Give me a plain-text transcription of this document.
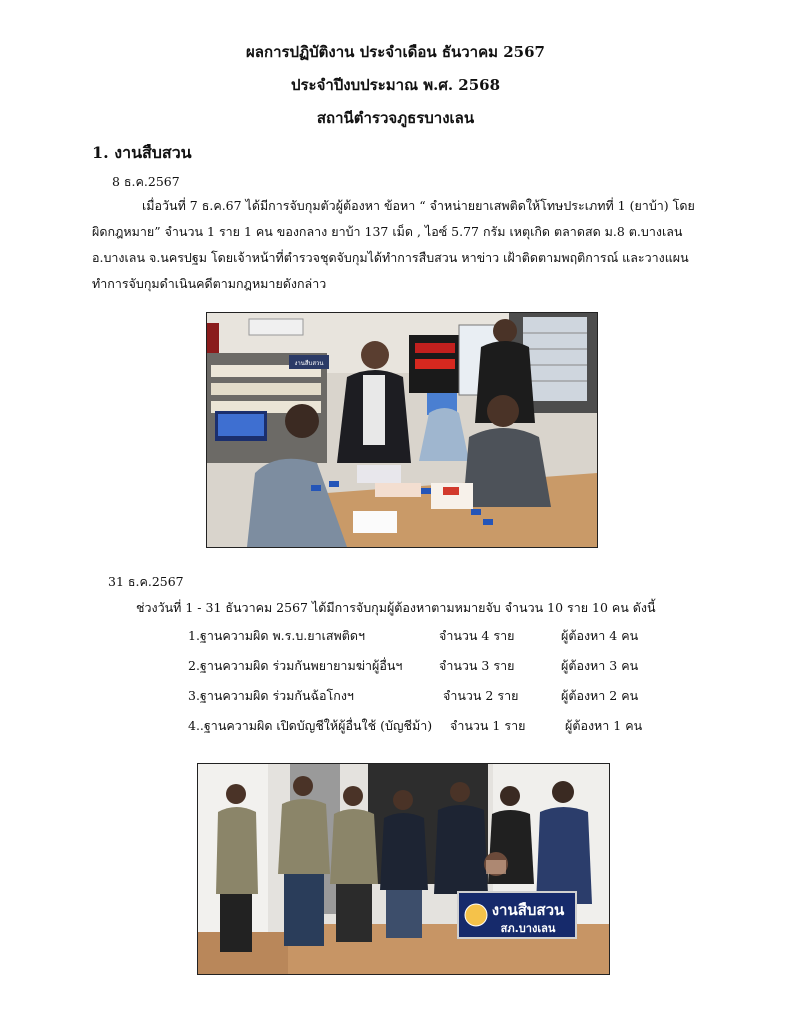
ผลการปฏิบัติงาน ประจำเดือน ธันวาคม 2567
ประจำปีงบประมาณ พ.ศ. 2568
สถานีตำรวจภูธรบางเลน
1. งานสืบสวน
8 ธ.ค.2567
เมื่อวันที่ 7 ธ.ค.67 ได้มีการจับกุมตัวผู้ต้องหา ข้อหา “ จำหน่ายยาเสพติดให้โทษประเภทที่ 1 (ยาบ้า) โดย
ผิดกฎหมาย” จำนวน 1 ราย 1 คน ของกลาง ยาบ้า 137 เม็ด , ไอซ์ 5.77 กรัม เหตุเกิด ตลาดสด ม.8 ต.บางเลน
อ.บางเลน จ.นครปฐม โดยเจ้าหน้าที่ตำรวจชุดจับกุมได้ทำการสืบสวน หาข่าว เฝ้าติดตามพฤติการณ์ และวางแผน
ทำการจับกุมดำเนินคดีตามกฎหมายดังกล่าว
งานสืบสวน
31 ธ.ค.2567
ช่วงวันที่ 1 - 31 ธันวาคม 2567 ได้มีการจับกุมผู้ต้องหาตามหมายจับ จำนวน 10 ราย 10 คน ดังนี้
1.ฐานความผิด พ.ร.บ.ยาเสพติดฯ	จำนวน 4 ราย	ผู้ต้องหา 4 คน
2.ฐานความผิด ร่วมกันพยายามฆ่าผู้อื่นฯ	จำนวน 3 ราย	ผู้ต้องหา 3 คน
3.ฐานความผิด ร่วมกันฉ้อโกงฯ	จำนวน 2 ราย	ผู้ต้องหา 2 คน
4..ฐานความผิด เปิดบัญชีให้ผู้อื่นใช้ (บัญชีม้า) จำนวน 1 ราย	ผู้ต้องหา 1 คน
งานสืบสวน
สภ.บางเลน
